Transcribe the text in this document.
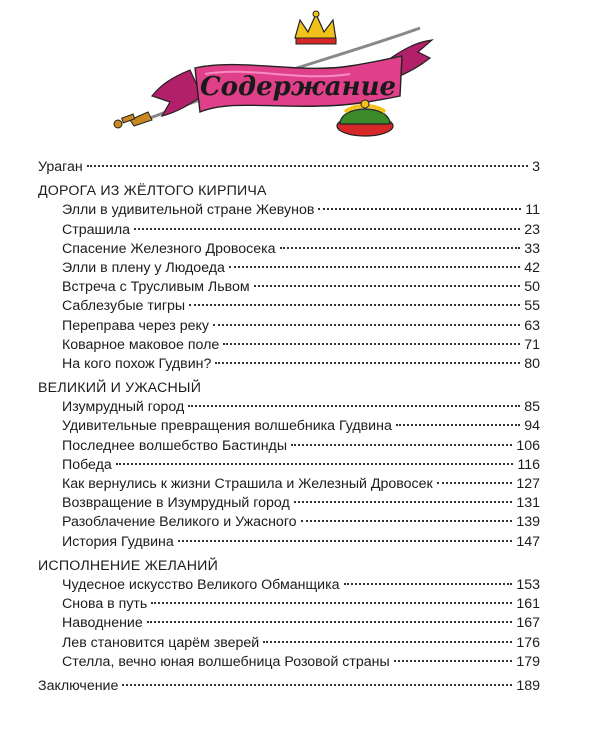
Содержание
Ураган	3
ДОРОГА ИЗ ЖЁЛТОГО КИРПИЧА
Элли в удивительной стране Жевунов	11
Страшила	23
Спасение Железного Дровосека	33
Элли в плену у Людоеда	42
Встреча с Трусливым Львом	50
Саблезубые тигры	55
Переправа через реку	63
Коварное маковое поле	71
На кого похож Гудвин?	80
ВЕЛИКИЙ И УЖАСНЫЙ
Изумрудный город	85
Удивительные превращения волшебника Гудвина	94
Последнее волшебство Бастинды	106
Победа	116
Как вернулись к жизни Страшила и Железный Дровосек	127
Возвращение в Изумрудный город	131
Разоблачение Великого и Ужасного	139
История Гудвина	147
ИСПОЛНЕНИЕ ЖЕЛАНИЙ
Чудесное искусство Великого Обманщика	153
Снова в путь	161
Наводнение	167
Лев становится царём зверей	176
Стелла, вечно юная волшебница Розовой страны	179
Заключение	189
